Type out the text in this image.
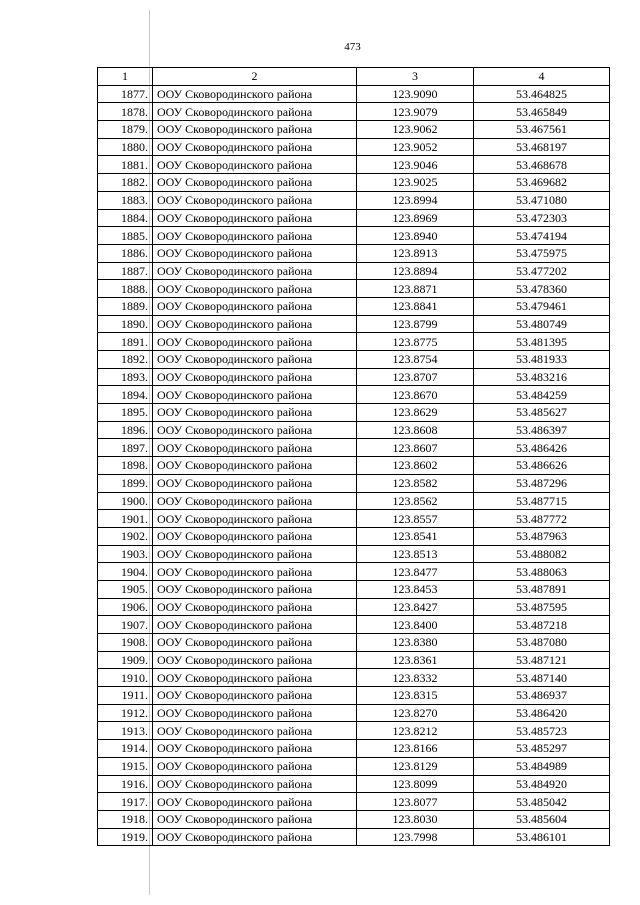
473
1	2	3	4
1877.	ООУ Сковородинского района	123.9090	53.464825
1878.	ООУ Сковородинского района	123.9079	53.465849
1879.	ООУ Сковородинского района	123.9062	53.467561
1880.	ООУ Сковородинского района	123.9052	53.468197
1881.	ООУ Сковородинского района	123.9046	53.468678
1882.	ООУ Сковородинского района	123.9025	53.469682
1883.	ООУ Сковородинского района	123.8994	53.471080
1884.	ООУ Сковородинского района	123.8969	53.472303
1885.	ООУ Сковородинского района	123.8940	53.474194
1886.	ООУ Сковородинского района	123.8913	53.475975
1887.	ООУ Сковородинского района	123.8894	53.477202
1888.	ООУ Сковородинского района	123.8871	53.478360
1889.	ООУ Сковородинского района	123.8841	53.479461
1890.	ООУ Сковородинского района	123.8799	53.480749
1891.	ООУ Сковородинского района	123.8775	53.481395
1892.	ООУ Сковородинского района	123.8754	53.481933
1893.	ООУ Сковородинского района	123.8707	53.483216
1894.	ООУ Сковородинского района	123.8670	53.484259
1895.	ООУ Сковородинского района	123.8629	53.485627
1896.	ООУ Сковородинского района	123.8608	53.486397
1897.	ООУ Сковородинского района	123.8607	53.486426
1898.	ООУ Сковородинского района	123.8602	53.486626
1899.	ООУ Сковородинского района	123.8582	53.487296
1900.	ООУ Сковородинского района	123.8562	53.487715
1901.	ООУ Сковородинского района	123.8557	53.487772
1902.	ООУ Сковородинского района	123.8541	53.487963
1903.	ООУ Сковородинского района	123.8513	53.488082
1904.	ООУ Сковородинского района	123.8477	53.488063
1905.	ООУ Сковородинского района	123.8453	53.487891
1906.	ООУ Сковородинского района	123.8427	53.487595
1907.	ООУ Сковородинского района	123.8400	53.487218
1908.	ООУ Сковородинского района	123.8380	53.487080
1909.	ООУ Сковородинского района	123.8361	53.487121
1910.	ООУ Сковородинского района	123.8332	53.487140
1911.	ООУ Сковородинского района	123.8315	53.486937
1912.	ООУ Сковородинского района	123.8270	53.486420
1913.	ООУ Сковородинского района	123.8212	53.485723
1914.	ООУ Сковородинского района	123.8166	53.485297
1915.	ООУ Сковородинского района	123.8129	53.484989
1916.	ООУ Сковородинского района	123.8099	53.484920
1917.	ООУ Сковородинского района	123.8077	53.485042
1918.	ООУ Сковородинского района	123.8030	53.485604
1919.	ООУ Сковородинского района	123.7998	53.486101
